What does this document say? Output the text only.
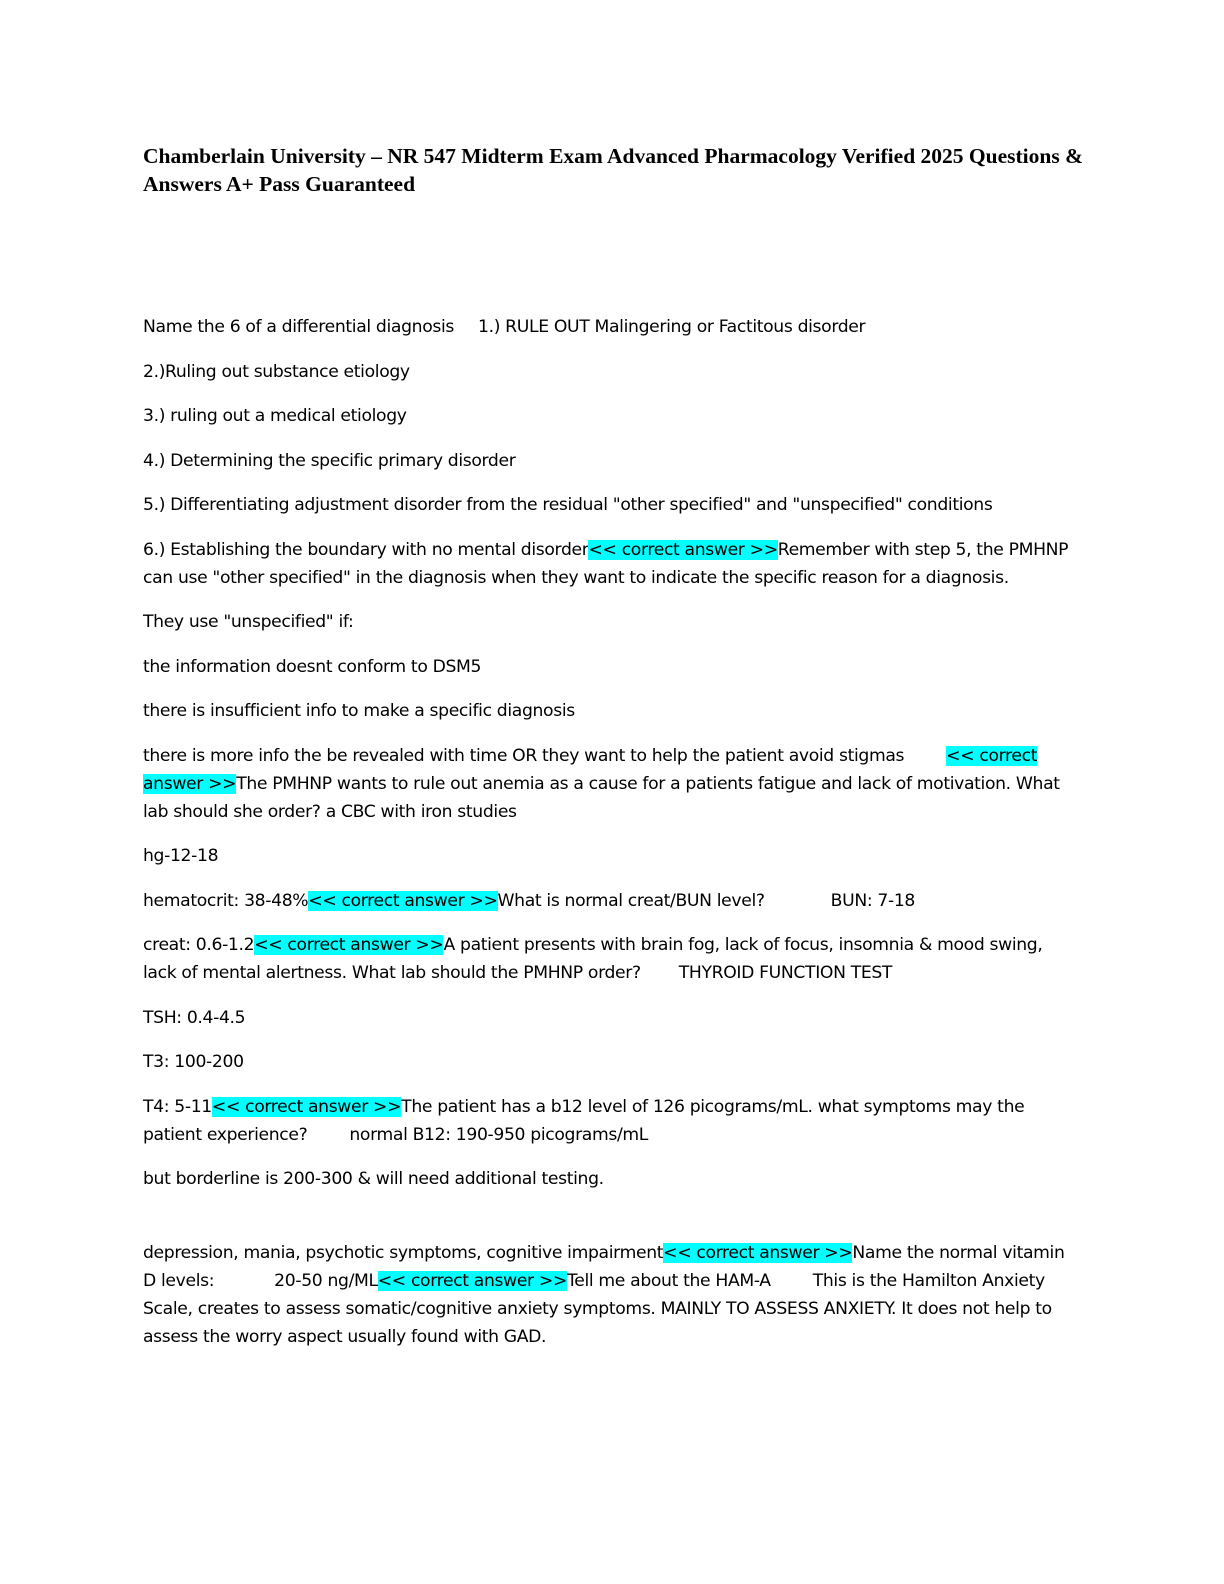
Chamberlain University – NR 547 Midterm Exam Advanced Pharmacology Verified 2025 Questions & Answers A+ Pass Guaranteed

Name the 6 of a differential diagnosis 1.) RULE OUT Malingering or Factitous disorder

2.)Ruling out substance etiology

3.) ruling out a medical etiology

4.) Determining the specific primary disorder

5.) Differentiating adjustment disorder from the residual "other specified" and "unspecified" conditions

6.) Establishing the boundary with no mental disorder<< correct answer >>Remember with step 5, the PMHNP can use "other specified" in the diagnosis when they want to indicate the specific reason for a diagnosis.

They use "unspecified" if:

the information doesnt conform to DSM5

there is insufficient info to make a specific diagnosis

there is more info the be revealed with time OR they want to help the patient avoid stigmas << correct answer >>The PMHNP wants to rule out anemia as a cause for a patients fatigue and lack of motivation. What lab should she order? a CBC with iron studies

hg-12-18

hematocrit: 38-48%<< correct answer >>What is normal creat/BUN level?	BUN: 7-18

creat: 0.6-1.2<< correct answer >>A patient presents with brain fog, lack of focus, insomnia & mood swing, lack of mental alertness. What lab should the PMHNP order? THYROID FUNCTION TEST

TSH: 0.4-4.5

T3: 100-200

T4: 5-11<< correct answer >>The patient has a b12 level of 126 picograms/mL. what symptoms may the patient experience? normal B12: 190-950 picograms/mL

but borderline is 200-300 & will need additional testing.

depression, mania, psychotic symptoms, cognitive impairment<< correct answer >>Name the normal vitamin D levels:	20-50 ng/ML<< correct answer >>Tell me about the HAM-A This is the Hamilton Anxiety Scale, creates to assess somatic/cognitive anxiety symptoms. MAINLY TO ASSESS ANXIETY. It does not help to assess the worry aspect usually found with GAD.
